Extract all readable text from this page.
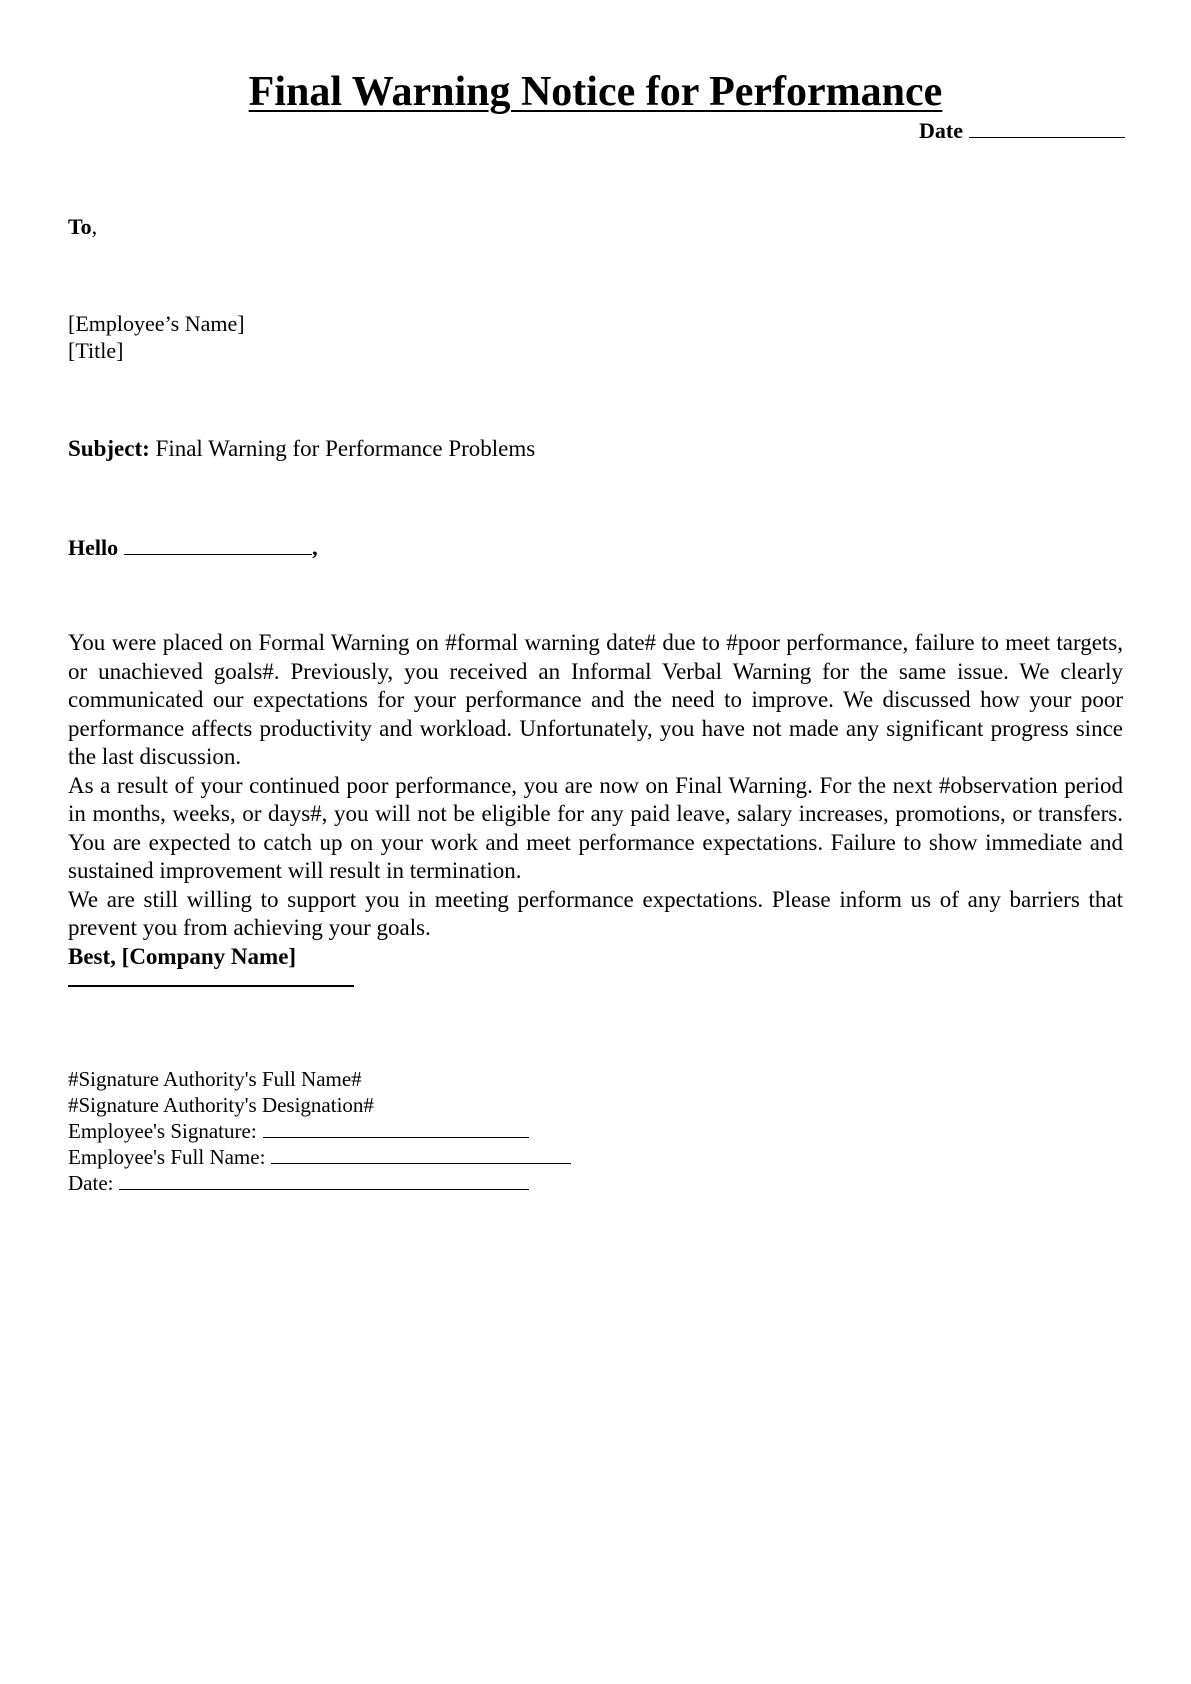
Final Warning Notice for Performance
Date
To,
[Employee’s Name]
[Title]
Subject: Final Warning for Performance Problems
Hello	,

You were placed on Formal Warning on #formal warning date# due to #poor performance, failure to meet targets, or unachieved goals#. Previously, you received an Informal Verbal Warning for the same issue. We clearly communicated our expectations for your performance and the need to improve. We discussed how your poor performance affects productivity and workload. Unfortunately, you have not made any significant progress since the last discussion.

As a result of your continued poor performance, you are now on Final Warning. For the next #observation period in months, weeks, or days#, you will not be eligible for any paid leave, salary increases, promotions, or transfers. You are expected to catch up on your work and meet performance expectations. Failure to show immediate and sustained improvement will result in termination.

We are still willing to support you in meeting performance expectations. Please inform us of any barriers that prevent you from achieving your goals.

Best, [Company Name]

#Signature Authority's Full Name#
#Signature Authority's Designation#
Employee's Signature:
Employee's Full Name:
Date:
